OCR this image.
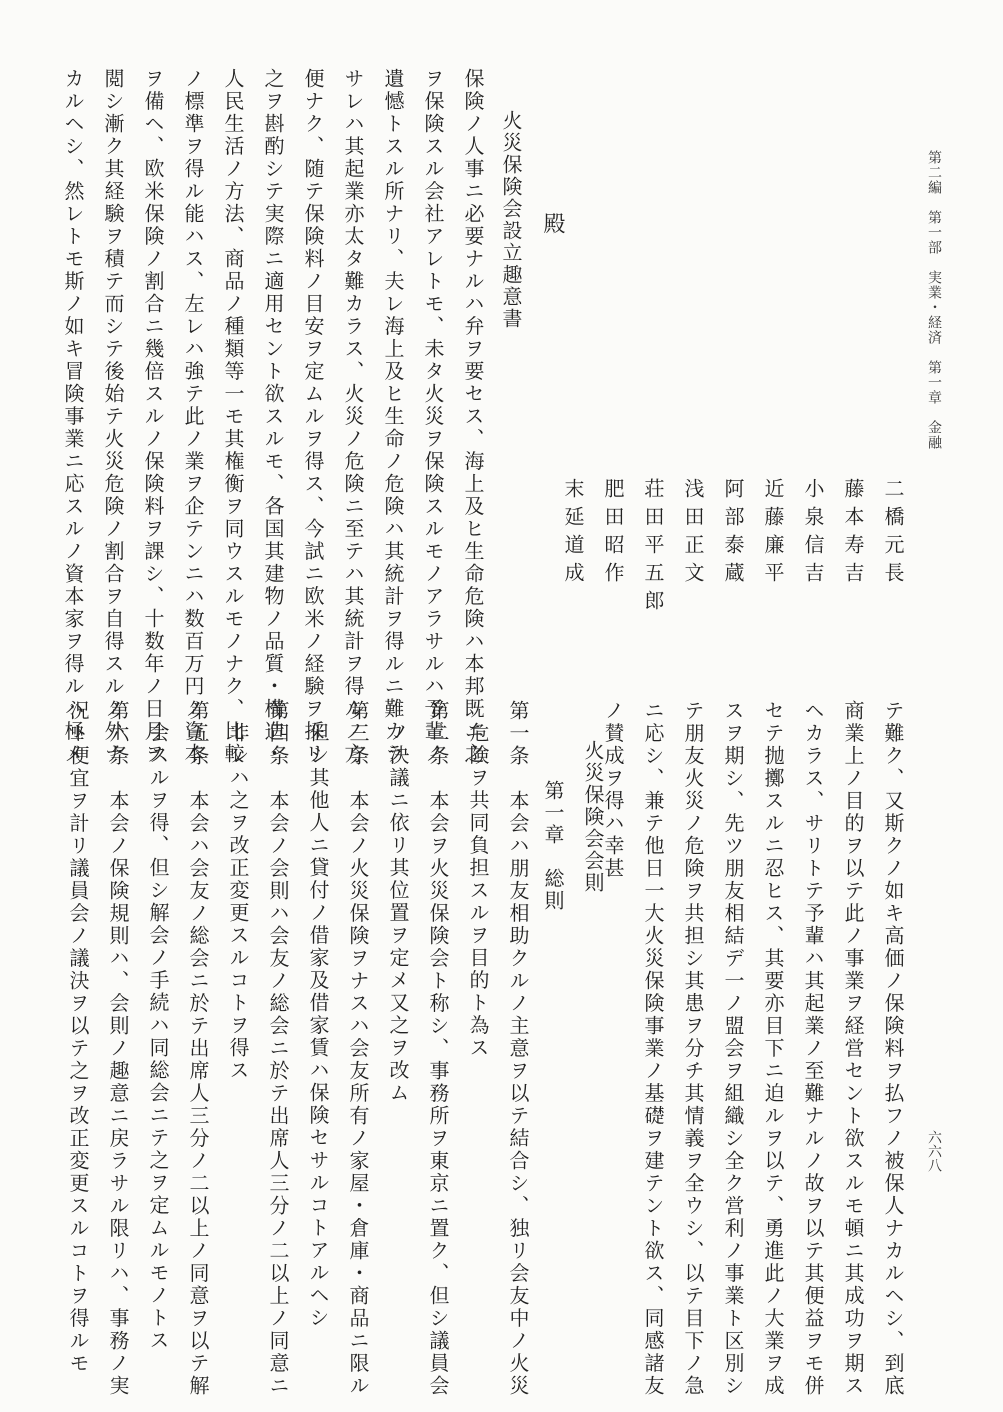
第二編　第一部　実業・経済　第一章　金融
六六八
二橋元長
藤本寿吉
小泉信吉
近藤廉平
阿部泰蔵
浅田正文
荘田平五郎
肥田昭作
末延道成
殿
火災保険会設立趣意書
保険ノ人事ニ必要ナルハ弁ヲ要セス、海上及ヒ生命危険ハ本邦既ニ之
ヲ保険スル会社アレトモ、未タ火災ヲ保険スルモノアラサルハ予輩ノ
遺憾トスル所ナリ、夫レ海上及ヒ生命ノ危険ハ其統計ヲ得ルニ難カラ
サレハ其起業亦太タ難カラス、火災ノ危険ニ至テハ其統計ヲ得ルノ方
便ナク、随テ保険料ノ目安ヲ定ムルヲ得ス、今試ニ欧米ノ経験ヲ採リ
之ヲ斟酌シテ実際ニ適用セント欲スルモ、各国其建物ノ品質・構造・
人民生活ノ方法、商品ノ種類等一モ其権衡ヲ同ウスルモノナク、比較
ノ標準ヲ得ル能ハス、左レハ強テ此ノ業ヲ企テンニハ数百万円ノ資本
ヲ備ヘ、欧米保険ノ割合ニ幾倍スルノ保険料ヲ課シ、十数年ノ日月ヲ
閲シ漸ク其経験ヲ積テ而シテ後始テ火災危険ノ割合ヲ自得スルノ外ナ
カルヘシ、然レトモ斯ノ如キ冒険事業ニ応スルノ資本家ヲ得ルハ極メ
テ難ク、又斯クノ如キ高価ノ保険料ヲ払フノ被保人ナカルヘシ、到底
商業上ノ目的ヲ以テ此ノ事業ヲ経営セント欲スルモ頓ニ其成功ヲ期ス
ヘカラス、サリトテ予輩ハ其起業ノ至難ナルノ故ヲ以テ其便益ヲモ併
セテ抛擲スルニ忍ヒス、其要亦目下ニ迫ルヲ以テ、勇進此ノ大業ヲ成
スヲ期シ、先ツ朋友相結デ一ノ盟会ヲ組織シ全ク営利ノ事業ト区別シ
テ朋友火災ノ危険ヲ共担シ其患ヲ分チ其情義ヲ全ウシ、以テ目下ノ急
ニ応シ、兼テ他日一大火災保険事業ノ基礎ヲ建テント欲ス、同感諸友
ノ賛成ヲ得ハ幸甚
火災保険会会則
第一章　総則
第一条　本会ハ朋友相助クルノ主意ヲ以テ結合シ、独リ会友中ノ火災
危険ヲ共同負担スルヲ目的ト為ス
第二条　本会ヲ火災保険会ト称シ、事務所ヲ東京ニ置ク、但シ議員会
ノ決議ニ依リ其位置ヲ定メ又之ヲ改ム
第三条　本会ノ火災保険ヲナスハ会友所有ノ家屋・倉庫・商品ニ限ル
但シ其他人ニ貸付ノ借家及借家賃ハ保険セサルコトアルヘシ
第四条　本会ノ会則ハ会友ノ総会ニ於テ出席人三分ノ二以上ノ同意ニ
非レハ之ヲ改正変更スルコトヲ得ス
第五条　本会ハ会友ノ総会ニ於テ出席人三分ノ二以上ノ同意ヲ以テ解
会スルヲ得、但シ解会ノ手続ハ同総会ニテ之ヲ定ムルモノトス
第六条　本会ノ保険規則ハ、会則ノ趣意ニ戻ラサル限リハ、事務ノ実
況ト便宜ヲ計リ議員会ノ議決ヲ以テ之ヲ改正変更スルコトヲ得ルモ
